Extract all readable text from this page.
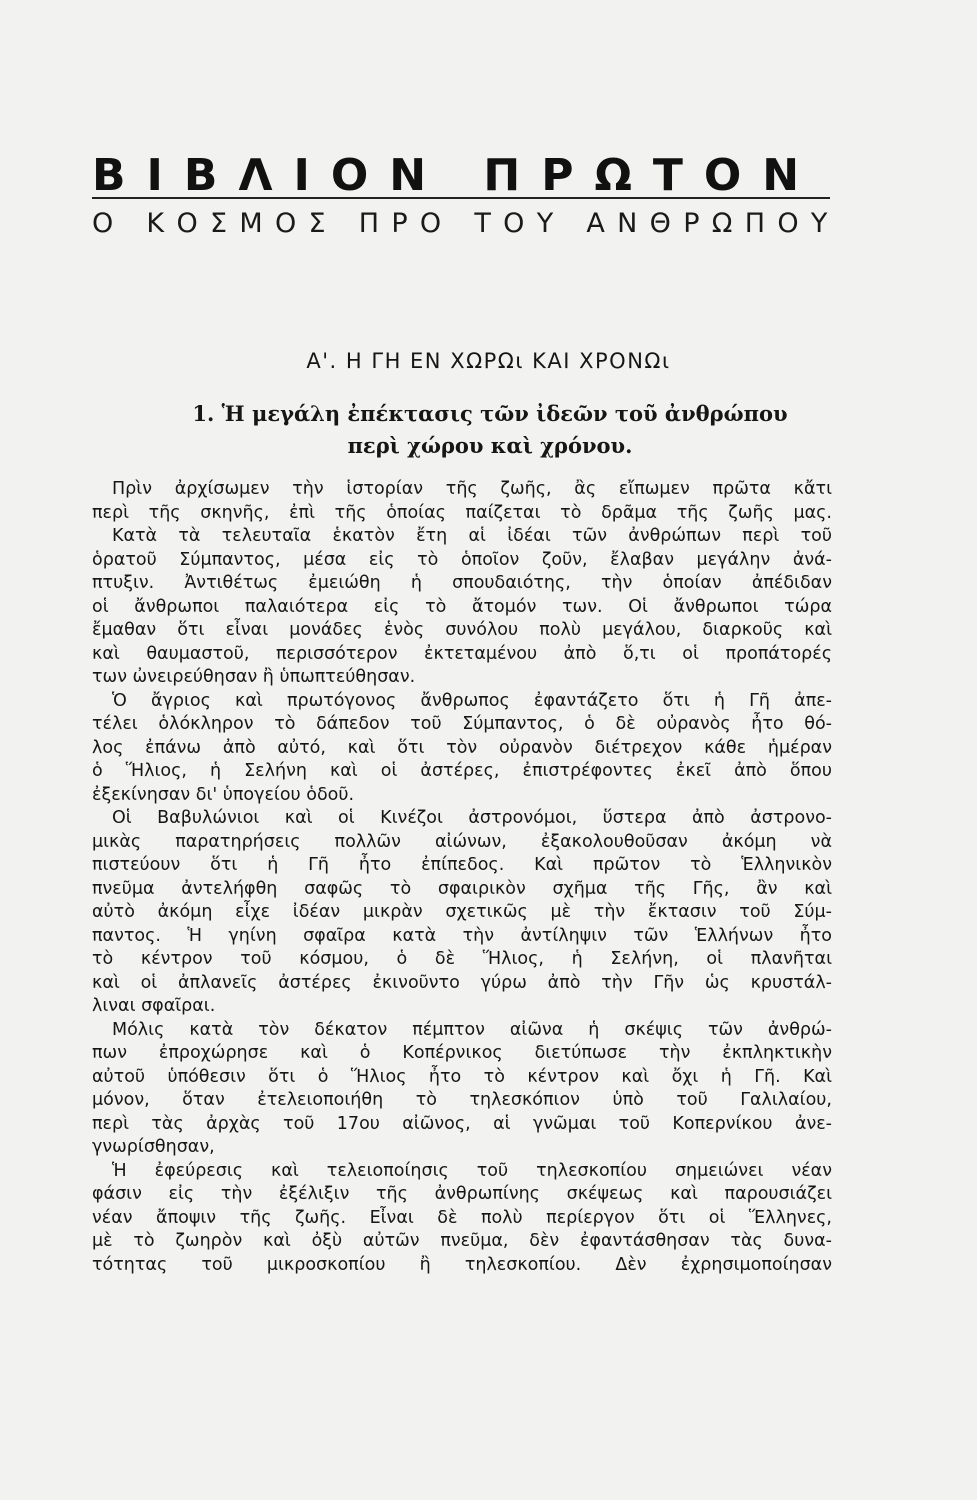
ΒΙΒΛΙΟΝ ΠΡΩΤΟΝ
Ο ΚΟΣΜΟΣ ΠΡΟ ΤΟΥ ΑΝΘΡΩΠΟΥ
Α'. Η ΓΗ ΕΝ ΧΩΡΩι ΚΑΙ ΧΡΟΝΩι
1. Ἡ μεγάλη ἐπέκτασις τῶν ἰδεῶν τοῦ ἀνθρώπου
περὶ χώρου καὶ χρόνου.
Πρὶν ἀρχίσωμεν τὴν ἱστορίαν τῆς ζωῆς, ἂς εἴπωμεν πρῶτα κἄτι
περὶ τῆς σκηνῆς, ἐπὶ τῆς ὁποίας παίζεται τὸ δρᾶμα τῆς ζωῆς μας.
Κατὰ τὰ τελευταῖα ἑκατὸν ἔτη αἱ ἰδέαι τῶν ἀνθρώπων περὶ τοῦ
ὁρατοῦ Σύμπαντος, μέσα εἰς τὸ ὁποῖον ζοῦν, ἔλαβαν μεγάλην ἀνά-
πτυξιν. Ἀντιθέτως ἐμειώθη ἡ σπουδαιότης, τὴν ὁποίαν ἀπέδιδαν
οἱ ἄνθρωποι παλαιότερα εἰς τὸ ἄτομόν των. Οἱ ἄνθρωποι τώρα
ἔμαθαν ὅτι εἶναι μονάδες ἑνὸς συνόλου πολὺ μεγάλου, διαρκοῦς καὶ
καὶ θαυμαστοῦ, περισσότερον ἐκτεταμένου ἀπὸ ὅ,τι οἱ προπάτορές
των ὠνειρεύθησαν ἢ ὑπωπτεύθησαν.
Ὁ ἄγριος καὶ πρωτόγονος ἄνθρωπος ἐφαντάζετο ὅτι ἡ Γῆ ἀπε-
τέλει ὁλόκληρον τὸ δάπεδον τοῦ Σύμπαντος, ὁ δὲ οὐρανὸς ἦτο θό-
λος ἐπάνω ἀπὸ αὐτό, καὶ ὅτι τὸν οὐρανὸν διέτρεχον κάθε ἡμέραν
ὁ Ἥλιος, ἡ Σελήνη καὶ οἱ ἀστέρες, ἐπιστρέφοντες ἐκεῖ ἀπὸ ὅπου
ἐξεκίνησαν δι' ὑπογείου ὁδοῦ.
Οἱ Βαβυλώνιοι καὶ οἱ Κινέζοι ἀστρονόμοι, ὕστερα ἀπὸ ἀστρονο-
μικὰς παρατηρήσεις πολλῶν αἰώνων, ἐξακολουθοῦσαν ἀκόμη νὰ
πιστεύουν ὅτι ἡ Γῆ ἦτο ἐπίπεδος. Καὶ πρῶτον τὸ Ἑλληνικὸν
πνεῦμα ἀντελήφθη σαφῶς τὸ σφαιρικὸν σχῆμα τῆς Γῆς, ἂν καὶ
αὐτὸ ἀκόμη εἶχε ἰδέαν μικρὰν σχετικῶς μὲ τὴν ἔκτασιν τοῦ Σύμ-
παντος. Ἡ γηίνη σφαῖρα κατὰ τὴν ἀντίληψιν τῶν Ἑλλήνων ἦτο
τὸ κέντρον τοῦ κόσμου, ὁ δὲ Ἥλιος, ἡ Σελήνη, οἱ πλανῆται
καὶ οἱ ἀπλανεῖς ἀστέρες ἐκινοῦντο γύρω ἀπὸ τὴν Γῆν ὡς κρυστάλ-
λιναι σφαῖραι.
Μόλις κατὰ τὸν δέκατον πέμπτον αἰῶνα ἡ σκέψις τῶν ἀνθρώ-
πων ἐπροχώρησε καὶ ὁ Κοπέρνικος διετύπωσε τὴν ἐκπληκτικὴν
αὐτοῦ ὑπόθεσιν ὅτι ὁ Ἥλιος ἦτο τὸ κέντρον καὶ ὄχι ἡ Γῆ. Καὶ
μόνον, ὅταν ἐτελειοποιήθη τὸ τηλεσκόπιον ὑπὸ τοῦ Γαλιλαίου,
περὶ τὰς ἀρχὰς τοῦ 17ου αἰῶνος, αἱ γνῶμαι τοῦ Κοπερνίκου ἀνε-
γνωρίσθησαν,
Ἡ ἐφεύρεσις καὶ τελειοποίησις τοῦ τηλεσκοπίου σημειώνει νέαν
φάσιν εἰς τὴν ἐξέλιξιν τῆς ἀνθρωπίνης σκέψεως καὶ παρουσιάζει
νέαν ἄποψιν τῆς ζωῆς. Εἶναι δὲ πολὺ περίεργον ὅτι οἱ Ἕλληνες,
μὲ τὸ ζωηρὸν καὶ ὀξὺ αὐτῶν πνεῦμα, δὲν ἐφαντάσθησαν τὰς δυνα-
τότητας τοῦ μικροσκοπίου ἢ τηλεσκοπίου. Δὲν ἐχρησιμοποίησαν
